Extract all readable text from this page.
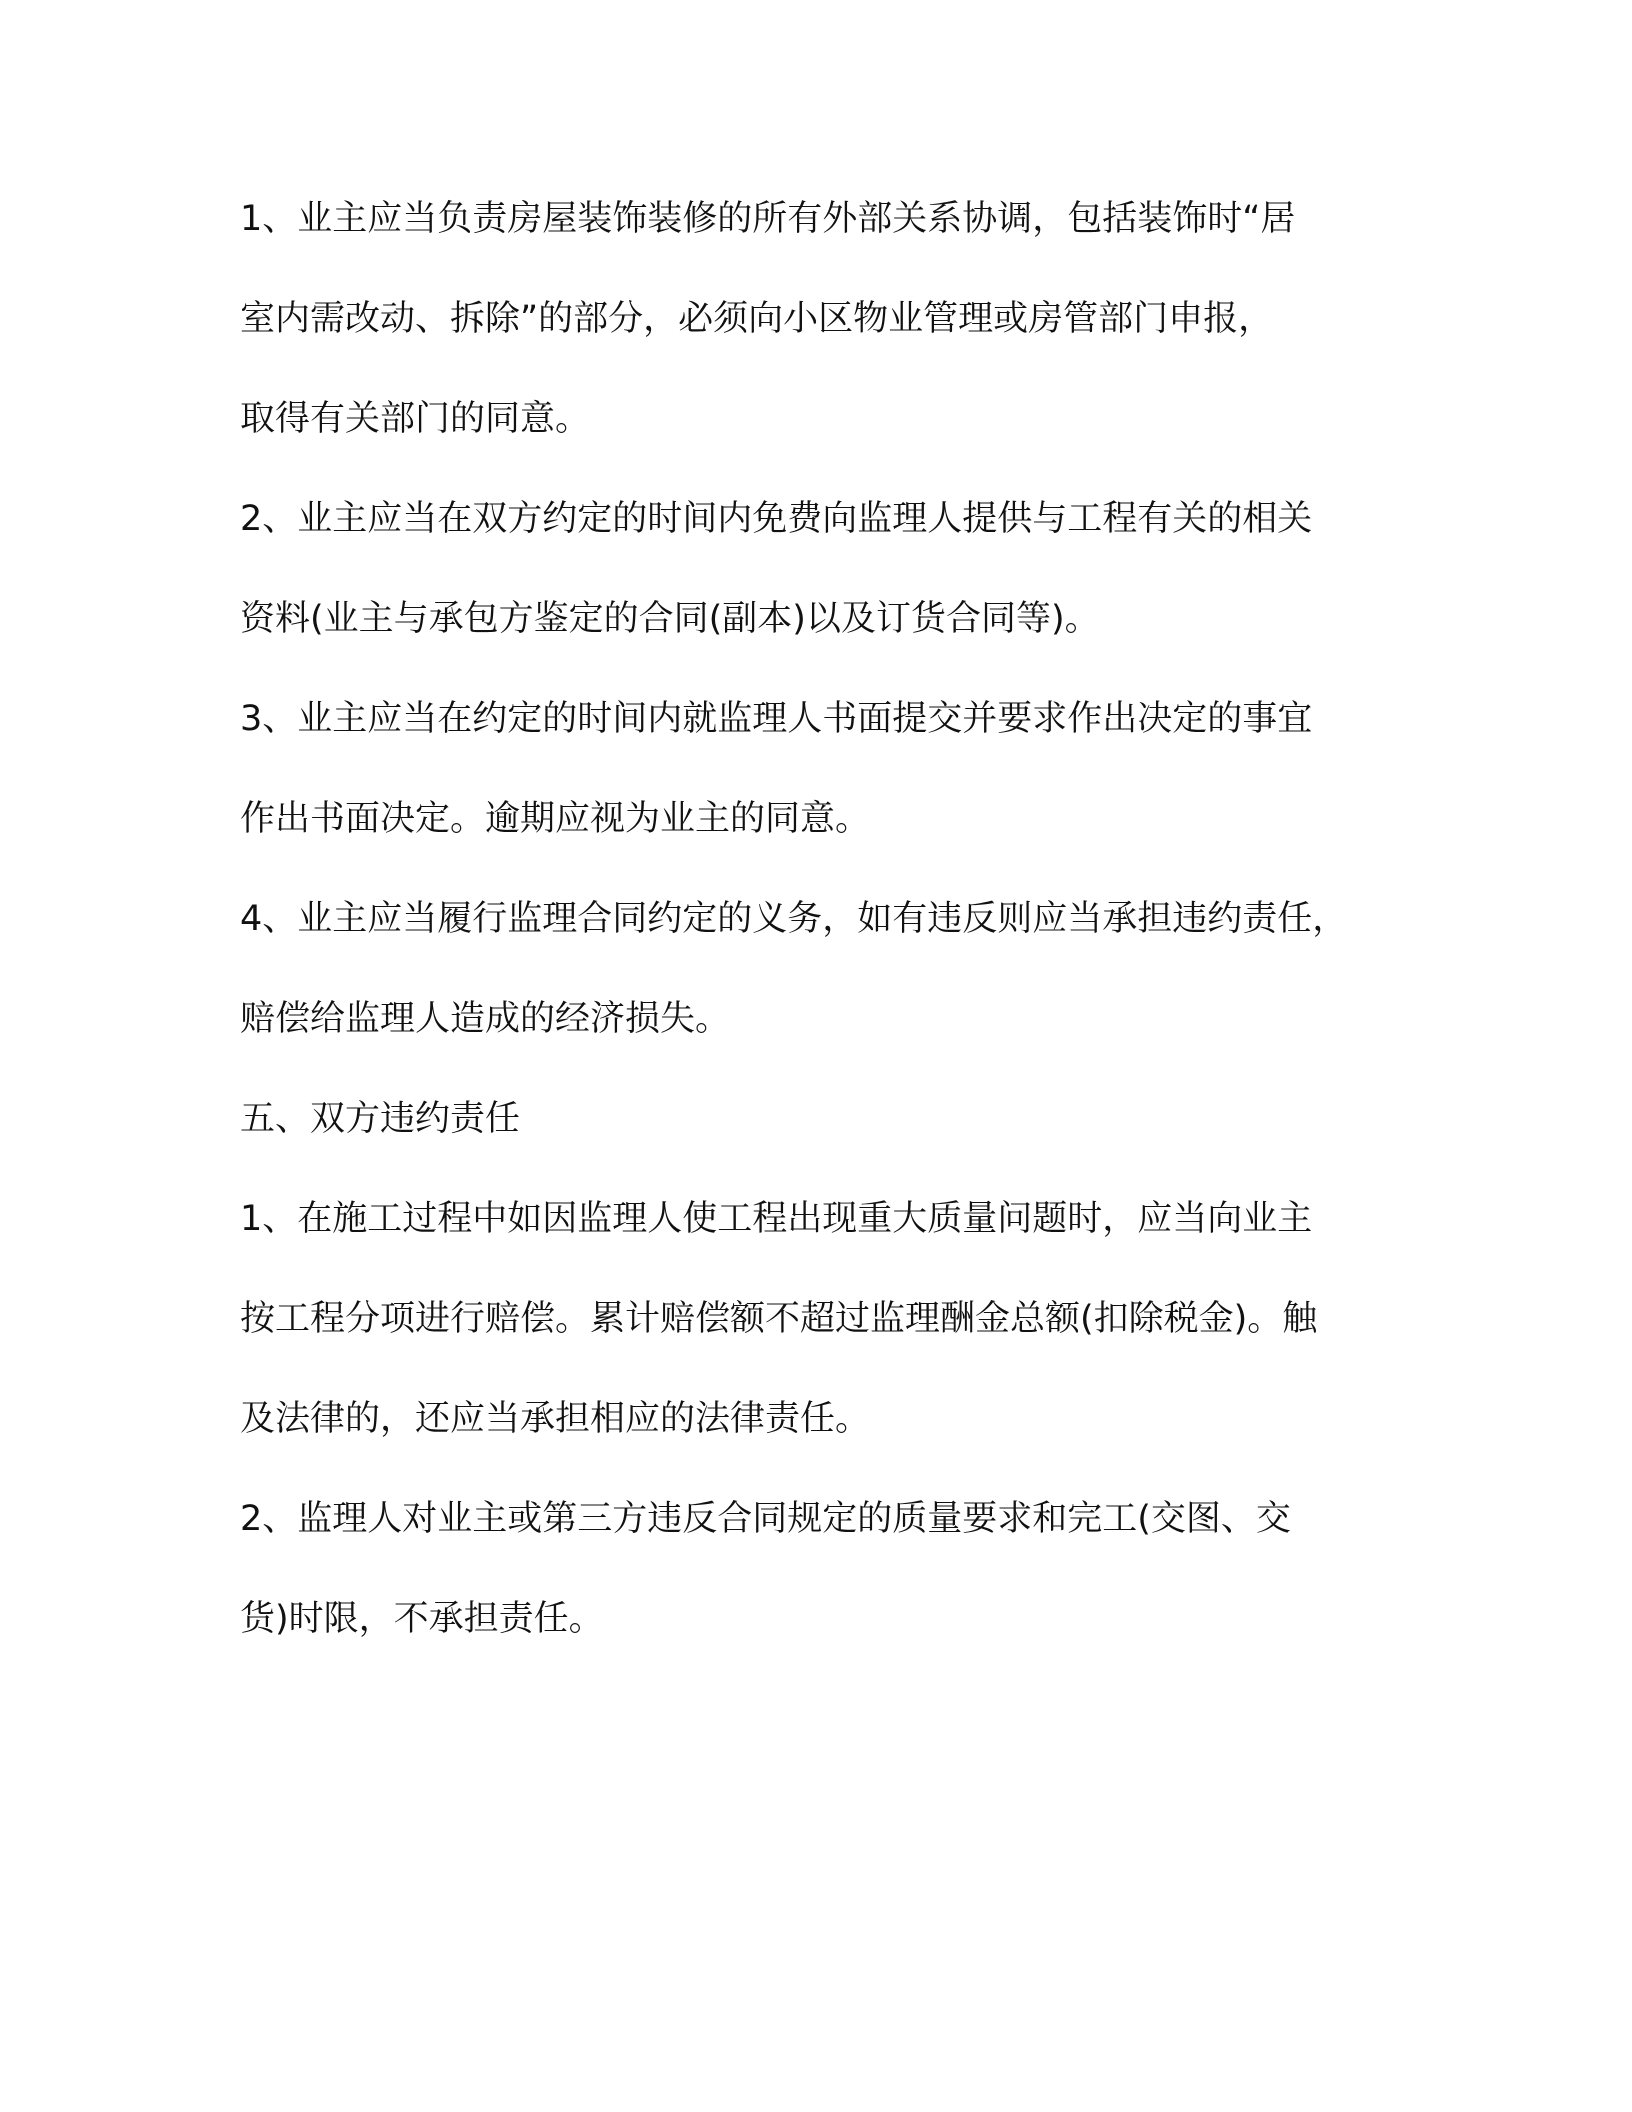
1、业主应当负责房屋装饰装修的所有外部关系协调，包括装饰时“居
室内需改动、拆除”的部分，必须向小区物业管理或房管部门申报，
取得有关部门的同意。
2、业主应当在双方约定的时间内免费向监理人提供与工程有关的相关
资料(业主与承包方鉴定的合同(副本)以及订货合同等)。
3、业主应当在约定的时间内就监理人书面提交并要求作出决定的事宜
作出书面决定。逾期应视为业主的同意。
4、业主应当履行监理合同约定的义务，如有违反则应当承担违约责任，
赔偿给监理人造成的经济损失。
五、双方违约责任
1、在施工过程中如因监理人使工程出现重大质量问题时，应当向业主
按工程分项进行赔偿。累计赔偿额不超过监理酬金总额(扣除税金)。触
及法律的，还应当承担相应的法律责任。
2、监理人对业主或第三方违反合同规定的质量要求和完工(交图、交
货)时限，不承担责任。
